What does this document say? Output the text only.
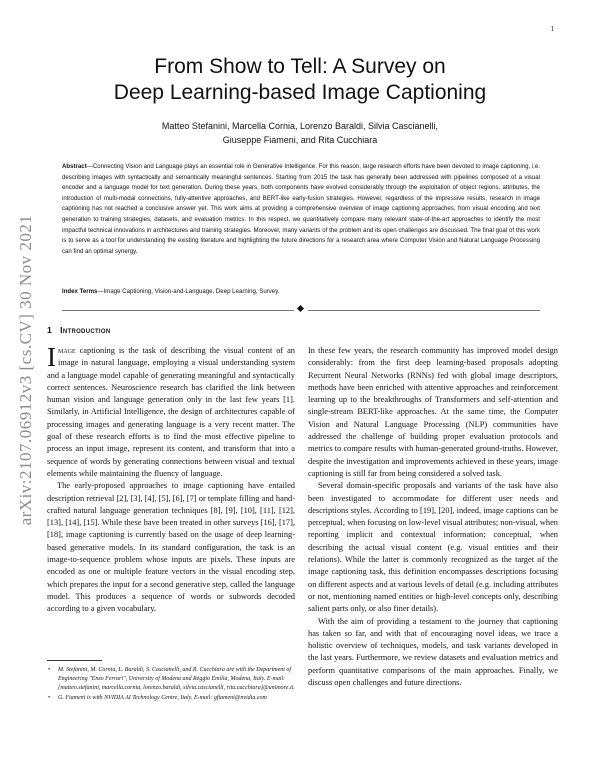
1
arXiv:2107.06912v3 [cs.CV] 30 Nov 2021
From Show to Tell: A Survey on
Deep Learning-based Image Captioning
Matteo Stefanini, Marcella Cornia, Lorenzo Baraldi, Silvia Cascianelli,
Giuseppe Fiameni, and Rita Cucchiara
Abstract—Connecting Vision and Language plays an essential role in Generative Intelligence. For this reason, large research efforts have been devoted to image captioning, i.e. describing images with syntactically and semantically meaningful sentences. Starting from 2015 the task has generally been addressed with pipelines composed of a visual encoder and a language model for text generation. During these years, both components have evolved considerably through the exploitation of object regions, attributes, the introduction of multi-modal connections, fully-attentive approaches, and BERT-like early-fusion strategies. However, regardless of the impressive results, research in image captioning has not reached a conclusive answer yet. This work aims at providing a comprehensive overview of image captioning approaches, from visual encoding and text generation to training strategies, datasets, and evaluation metrics. In this respect, we quantitatively compare many relevant state-of-the-art approaches to identify the most impactful technical innovations in architectures and training strategies. Moreover, many variants of the problem and its open challenges are discussed. The final goal of this work is to serve as a tool for understanding the existing literature and highlighting the future directions for a research area where Computer Vision and Natural Language Processing can find an optimal synergy.
Index Terms—Image Captioning, Vision-and-Language, Deep Learning, Survey.
1 Introduction

Image captioning is the task of describing the visual content of an image in natural language, employing a visual understanding system and a language model capable of generating meaningful and syntactically correct sentences. Neuroscience research has clarified the link between human vision and language generation only in the last few years [1]. Similarly, in Artificial Intelligence, the design of architectures capable of processing images and generating language is a very recent matter. The goal of these research efforts is to find the most effective pipeline to process an input image, represent its content, and transform that into a sequence of words by generating connections between visual and textual elements while maintaining the fluency of language.

The early-proposed approaches to image captioning have entailed description retrieval [2], [3], [4], [5], [6], [7] or template filling and hand-crafted natural language generation techniques [8], [9], [10], [11], [12], [13], [14], [15]. While these have been treated in other surveys [16], [17], [18], image captioning is currently based on the usage of deep learning-based generative models. In its standard configuration, the task is an image-to-sequence problem whose inputs are pixels. These inputs are encoded as one or multiple feature vectors in the visual encoding step, which prepares the input for a second generative step, called the language model. This produces a sequence of words or subwords decoded according to a given vocabulary.

• M. Stefanini, M. Cornia, L. Baraldi, S. Cascianelli, and R. Cucchiara are with the Department of Engineering "Enzo Ferrari", University of Modena and Reggio Emilia, Modena, Italy. E-mail: {matteo.stefanini, marcella.cornia, lorenzo.baraldi, silvia.cascianelli, rita.cucchiara}@unimore.it.
• G. Fiameni is with NVIDIA AI Technology Centre, Italy. E-mail: gfiameni@nvidia.com

In these few years, the research community has improved model design considerably: from the first deep learning-based proposals adopting Recurrent Neural Networks (RNNs) fed with global image descriptors, methods have been enriched with attentive approaches and reinforcement learning up to the breakthroughs of Transformers and self-attention and single-stream BERT-like approaches. At the same time, the Computer Vision and Natural Language Processing (NLP) communities have addressed the challenge of building proper evaluation protocols and metrics to compare results with human-generated ground-truths. However, despite the investigation and improvements achieved in these years, image captioning is still far from being considered a solved task.

Several domain-specific proposals and variants of the task have also been investigated to accommodate for different user needs and descriptions styles. According to [19], [20], indeed, image captions can be perceptual, when focusing on low-level visual attributes; non-visual, when reporting implicit and contextual information; conceptual, when describing the actual visual content (e.g. visual entities and their relations). While the latter is commonly recognized as the target of the image captioning task, this definition encompasses descriptions focusing on different aspects and at various levels of detail (e.g. including attributes or not, mentioning named entities or high-level concepts only, describing salient parts only, or also finer details).

With the aim of providing a testament to the journey that captioning has taken so far, and with that of encouraging novel ideas, we trace a holistic overview of techniques, models, and task variants developed in the last years. Furthermore, we review datasets and evaluation metrics and perform quantitative comparisons of the main approaches. Finally, we discuss open challenges and future directions.
